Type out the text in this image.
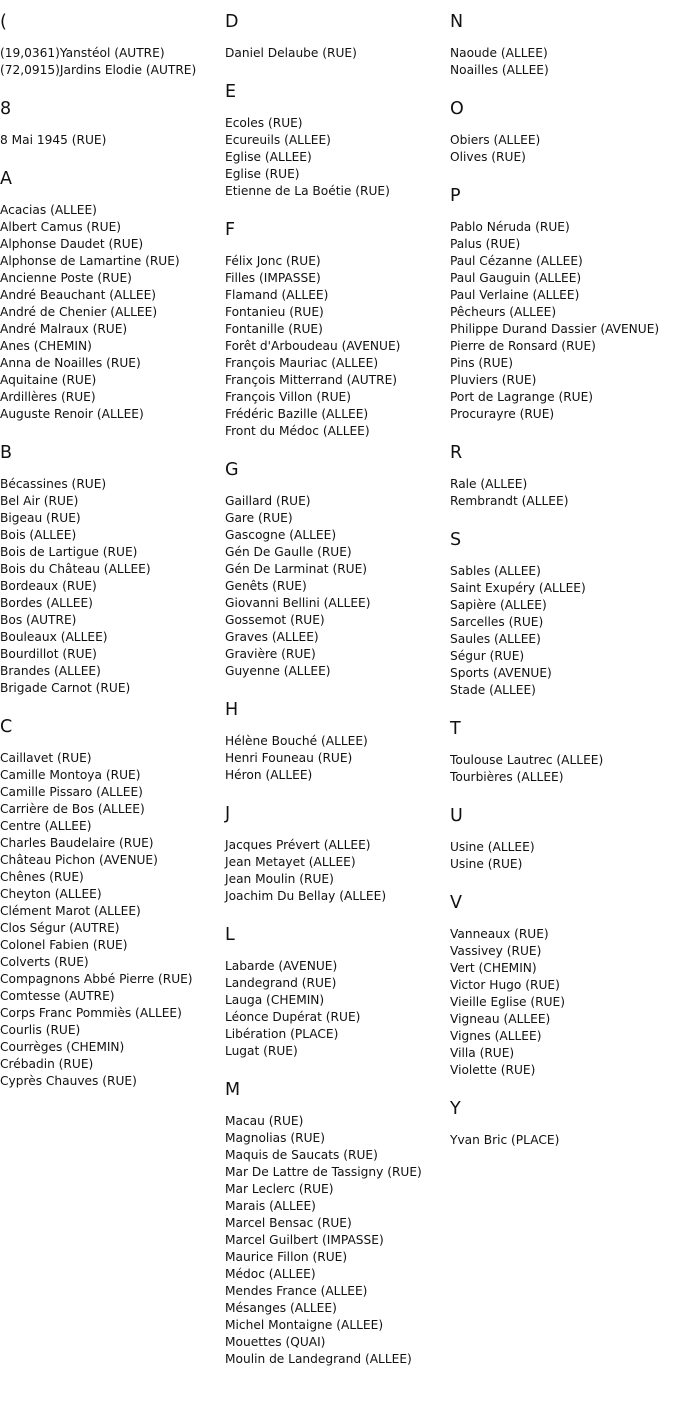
(
(19,0361)Yanstéol (AUTRE)
(72,0915)Jardins Elodie (AUTRE)
8
8 Mai 1945 (RUE)
A
Acacias (ALLEE)
Albert Camus (RUE)
Alphonse Daudet (RUE)
Alphonse de Lamartine (RUE)
Ancienne Poste (RUE)
André Beauchant (ALLEE)
André de Chenier (ALLEE)
André Malraux (RUE)
Anes (CHEMIN)
Anna de Noailles (RUE)
Aquitaine (RUE)
Ardillères (RUE)
Auguste Renoir (ALLEE)
B
Bécassines (RUE)
Bel Air (RUE)
Bigeau (RUE)
Bois (ALLEE)
Bois de Lartigue (RUE)
Bois du Château (ALLEE)
Bordeaux (RUE)
Bordes (ALLEE)
Bos (AUTRE)
Bouleaux (ALLEE)
Bourdillot (RUE)
Brandes (ALLEE)
Brigade Carnot (RUE)
C
Caillavet (RUE)
Camille Montoya (RUE)
Camille Pissaro (ALLEE)
Carrière de Bos (ALLEE)
Centre (ALLEE)
Charles Baudelaire (RUE)
Château Pichon (AVENUE)
Chênes (RUE)
Cheyton (ALLEE)
Clément Marot (ALLEE)
Clos Ségur (AUTRE)
Colonel Fabien (RUE)
Colverts (RUE)
Compagnons Abbé Pierre (RUE)
Comtesse (AUTRE)
Corps Franc Pommiès (ALLEE)
Courlis (RUE)
Courrèges (CHEMIN)
Crébadin (RUE)
Cyprès Chauves (RUE)
D
Daniel Delaube (RUE)
E
Ecoles (RUE)
Ecureuils (ALLEE)
Eglise (ALLEE)
Eglise (RUE)
Etienne de La Boétie (RUE)
F
Félix Jonc (RUE)
Filles (IMPASSE)
Flamand (ALLEE)
Fontanieu (RUE)
Fontanille (RUE)
Forêt d'Arboudeau (AVENUE)
François Mauriac (ALLEE)
François Mitterrand (AUTRE)
François Villon (RUE)
Frédéric Bazille (ALLEE)
Front du Médoc (ALLEE)
G
Gaillard (RUE)
Gare (RUE)
Gascogne (ALLEE)
Gén De Gaulle (RUE)
Gén De Larminat (RUE)
Genêts (RUE)
Giovanni Bellini (ALLEE)
Gossemot (RUE)
Graves (ALLEE)
Gravière (RUE)
Guyenne (ALLEE)
H
Hélène Bouché (ALLEE)
Henri Founeau (RUE)
Héron (ALLEE)
J
Jacques Prévert (ALLEE)
Jean Metayet (ALLEE)
Jean Moulin (RUE)
Joachim Du Bellay (ALLEE)
L
Labarde (AVENUE)
Landegrand (RUE)
Lauga (CHEMIN)
Léonce Dupérat (RUE)
Libération (PLACE)
Lugat (RUE)
M
Macau (RUE)
Magnolias (RUE)
Maquis de Saucats (RUE)
Mar De Lattre de Tassigny (RUE)
Mar Leclerc (RUE)
Marais (ALLEE)
Marcel Bensac (RUE)
Marcel Guilbert (IMPASSE)
Maurice Fillon (RUE)
Médoc (ALLEE)
Mendes France (ALLEE)
Mésanges (ALLEE)
Michel Montaigne (ALLEE)
Mouettes (QUAI)
Moulin de Landegrand (ALLEE)
N
Naoude (ALLEE)
Noailles (ALLEE)
O
Obiers (ALLEE)
Olives (RUE)
P
Pablo Néruda (RUE)
Palus (RUE)
Paul Cézanne (ALLEE)
Paul Gauguin (ALLEE)
Paul Verlaine (ALLEE)
Pêcheurs (ALLEE)
Philippe Durand Dassier (AVENUE)
Pierre de Ronsard (RUE)
Pins (RUE)
Pluviers (RUE)
Port de Lagrange (RUE)
Procurayre (RUE)
R
Rale (ALLEE)
Rembrandt (ALLEE)
S
Sables (ALLEE)
Saint Exupéry (ALLEE)
Sapière (ALLEE)
Sarcelles (RUE)
Saules (ALLEE)
Ségur (RUE)
Sports (AVENUE)
Stade (ALLEE)
T
Toulouse Lautrec (ALLEE)
Tourbières (ALLEE)
U
Usine (ALLEE)
Usine (RUE)
V
Vanneaux (RUE)
Vassivey (RUE)
Vert (CHEMIN)
Victor Hugo (RUE)
Vieille Eglise (RUE)
Vigneau (ALLEE)
Vignes (ALLEE)
Villa (RUE)
Violette (RUE)
Y
Yvan Bric (PLACE)
